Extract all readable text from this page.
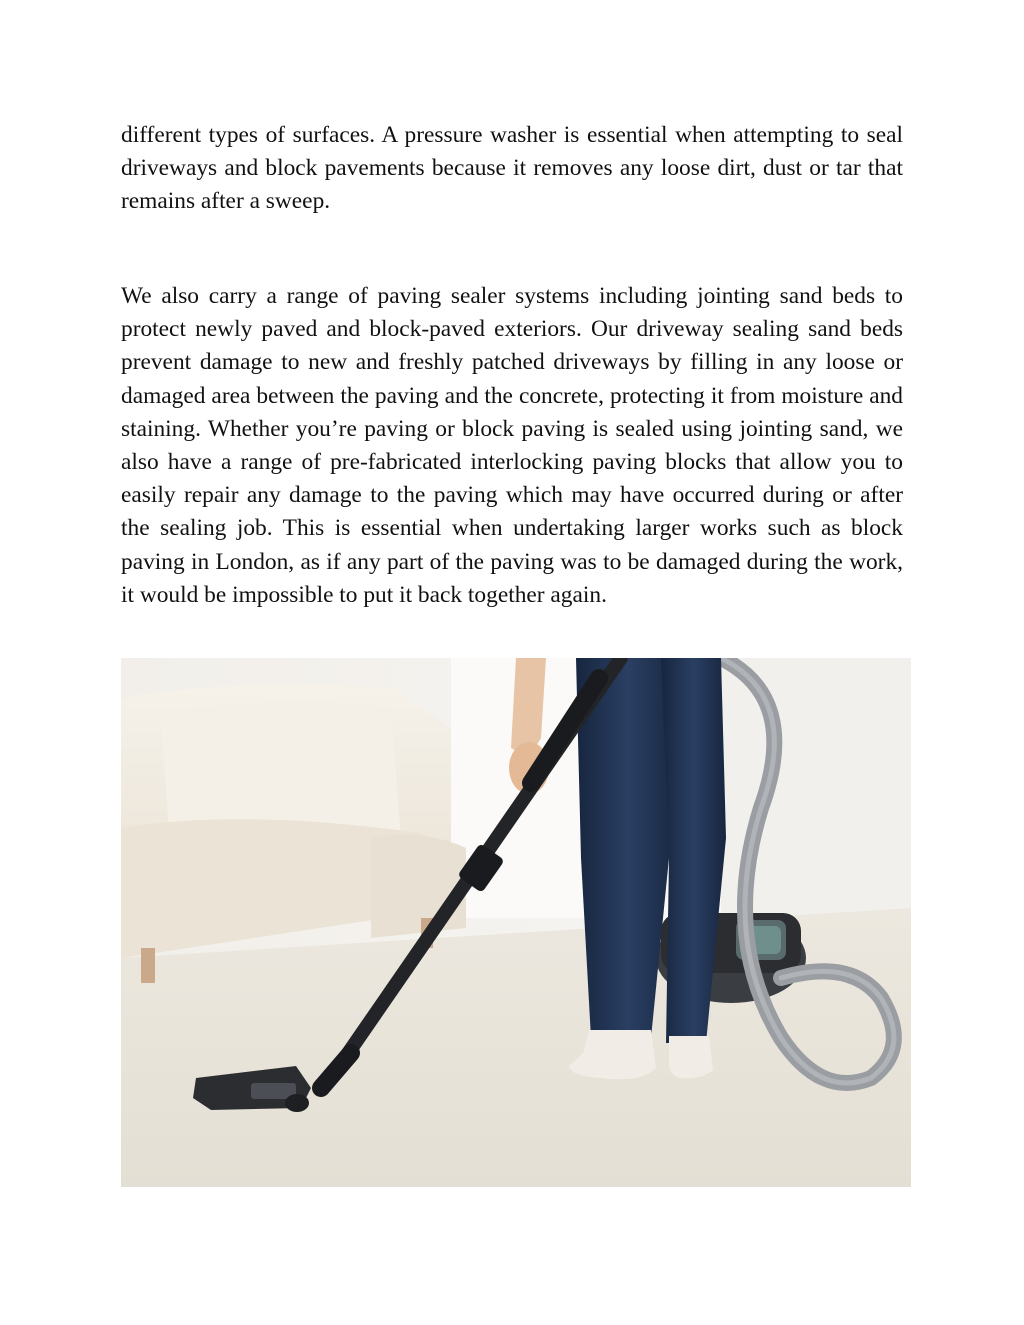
different types of surfaces. A pressure washer is essential when attempting to seal driveways and block pavements because it removes any loose dirt, dust or tar that remains after a sweep.

We also carry a range of paving sealer systems including jointing sand beds to protect newly paved and block-paved exteriors. Our driveway sealing sand beds prevent damage to new and freshly patched driveways by filling in any loose or damaged area between the paving and the concrete, protecting it from moisture and staining. Whether you’re paving or block paving is sealed using jointing sand, we also have a range of pre-fabricated interlocking paving blocks that allow you to easily repair any damage to the paving which may have occurred during or after the sealing job. This is essential when undertaking larger works such as block paving in London, as if any part of the paving was to be damaged during the work, it would be impossible to put it back together again.
